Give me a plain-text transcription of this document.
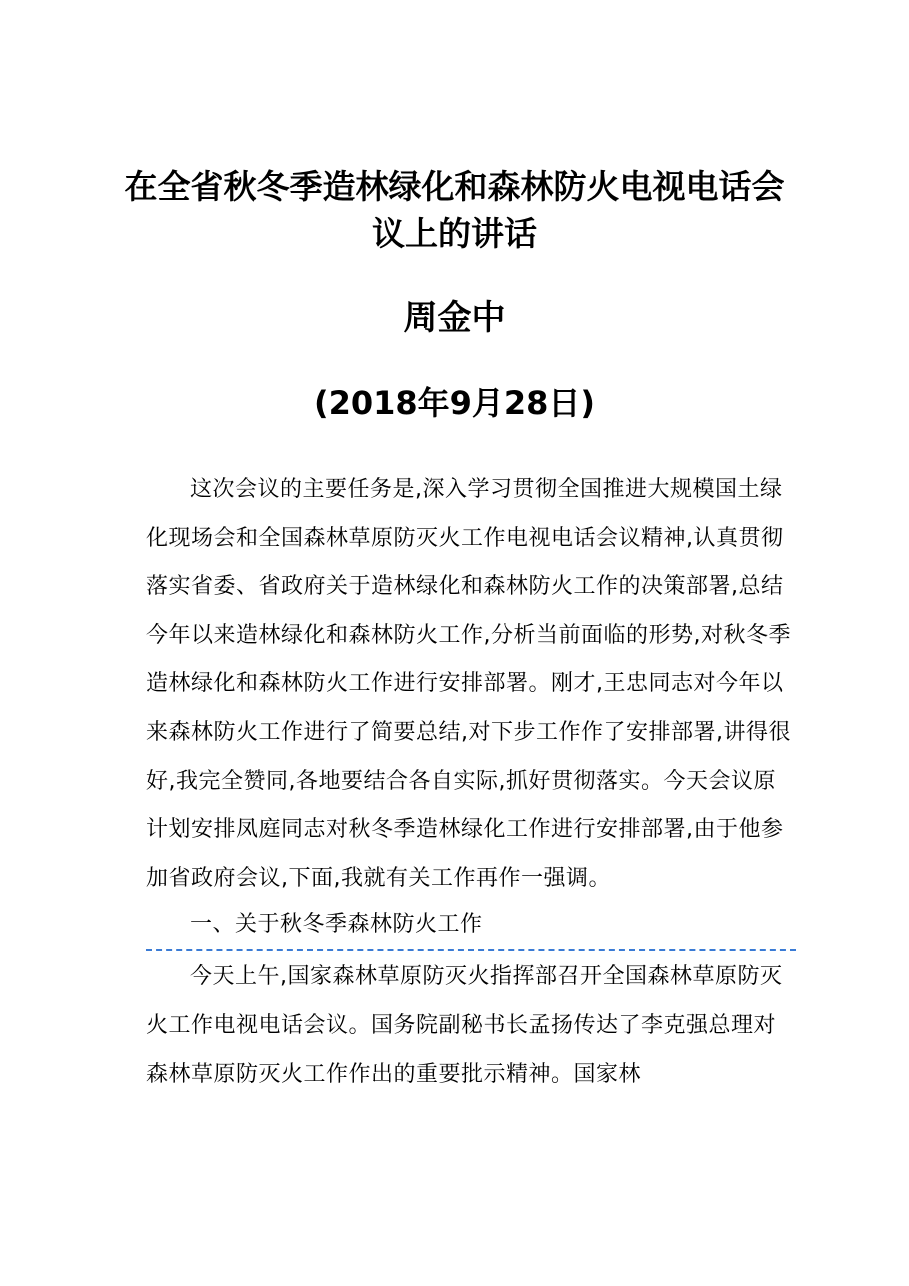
在全省秋冬季造林绿化和森林防火电视电话会
议上的讲话
周金中
(2018年9月28日)

这次会议的主要任务是,深入学习贯彻全国推进大规模国土绿化现场会和全国森林草原防灭火工作电视电话会议精神,认真贯彻落实省委、省政府关于造林绿化和森林防火工作的决策部署,总结今年以来造林绿化和森林防火工作,分析当前面临的形势,对秋冬季造林绿化和森林防火工作进行安排部署。刚才,王忠同志对今年以来森林防火工作进行了简要总结,对下步工作作了安排部署,讲得很好,我完全赞同,各地要结合各自实际,抓好贯彻落实。今天会议原计划安排凤庭同志对秋冬季造林绿化工作进行安排部署,由于他参加省政府会议,下面,我就有关工作再作一强调。

一、关于秋冬季森林防火工作

今天上午,国家森林草原防灭火指挥部召开全国森林草原防灭火工作电视电话会议。国务院副秘书长孟扬传达了李克强总理对森林草原防灭火工作作出的重要批示精神。国家林
